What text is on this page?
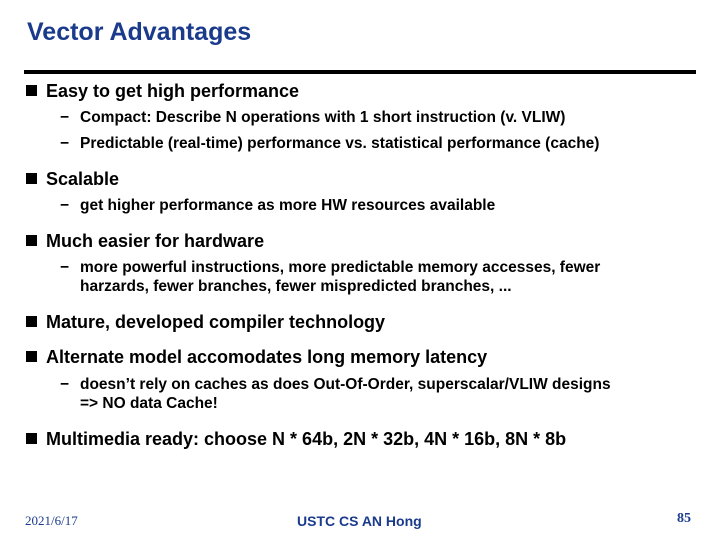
Vector Advantages
Easy to get high performance
− Compact: Describe N operations with 1 short instruction (v. VLIW)
− Predictable (real-time) performance vs. statistical performance (cache)
Scalable
− get higher performance as more HW resources available
Much easier for hardware
− more powerful instructions, more predictable memory accesses, fewer
harzards, fewer branches, fewer mispredicted branches, ...
Mature, developed compiler technology
Alternate model accomodates long memory latency
− doesn’t rely on caches as does Out-Of-Order, superscalar/VLIW designs
=> NO data Cache!
Multimedia ready: choose N * 64b, 2N * 32b, 4N * 16b, 8N * 8b
2021/6/17	USTC CS AN Hong	85
